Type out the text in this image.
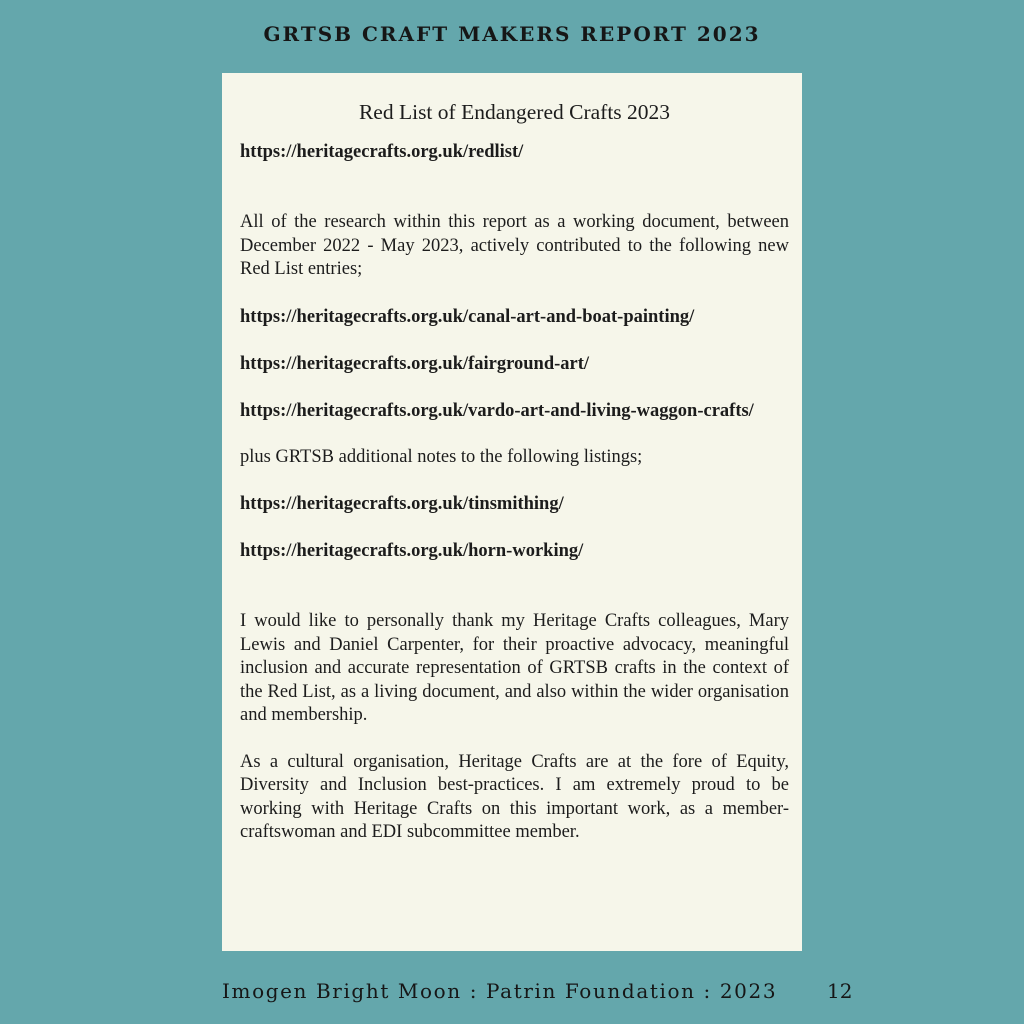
GRTSB CRAFT MAKERS REPORT 2023
Red List of Endangered Crafts 2023

https://heritagecrafts.org.uk/redlist/

All of the research within this report as a working document, between December 2022 - May 2023, actively contributed to the following new Red List entries;

https://heritagecrafts.org.uk/canal-art-and-boat-painting/

https://heritagecrafts.org.uk/fairground-art/

https://heritagecrafts.org.uk/vardo-art-and-living-waggon-crafts/

plus GRTSB additional notes to the following listings;

https://heritagecrafts.org.uk/tinsmithing/

https://heritagecrafts.org.uk/horn-working/

I would like to personally thank my Heritage Crafts colleagues, Mary Lewis and Daniel Carpenter, for their proactive advocacy, meaningful inclusion and accurate representation of GRTSB crafts in the context of the Red List, as a living document, and also within the wider organisation and membership.

As a cultural organisation, Heritage Crafts are at the fore of Equity, Diversity and Inclusion best-practices. I am extremely proud to be working with Heritage Crafts on this important work, as a member-craftswoman and EDI subcommittee member.

Imogen Bright Moon : Patrin Foundation : 2023 12
